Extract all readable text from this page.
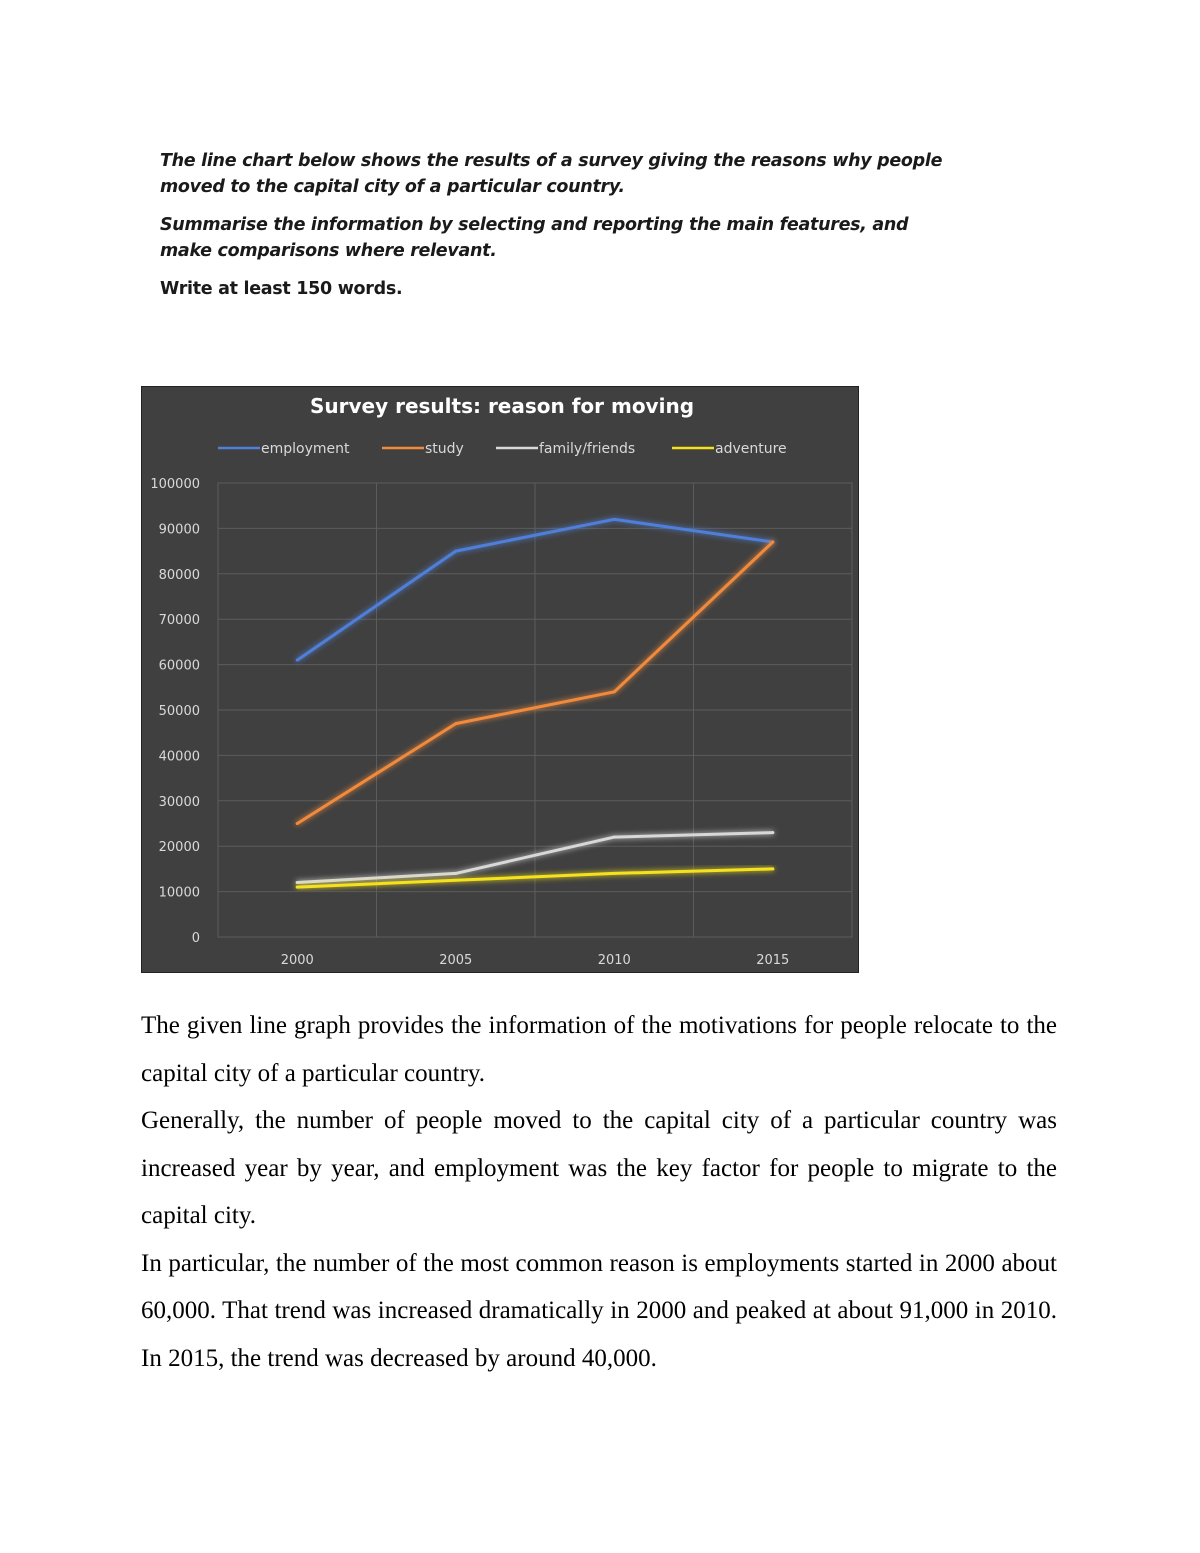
The line chart below shows the results of a survey giving the reasons why people moved to the capital city of a particular country.

Summarise the information by selecting and reporting the main features, and make comparisons where relevant.

Write at least 150 words.

Survey results: reason for moving
employment	study	family/friends	adventure
0
10000
20000
30000
40000
50000
60000
70000
80000
90000
100000
2000	2005	2010	2015

The given line graph provides the information of the motivations for people relocate to the capital city of a particular country.

Generally, the number of people moved to the capital city of a particular country was increased year by year, and employment was the key factor for people to migrate to the capital city.

In particular, the number of the most common reason is employments started in 2000 about 60,000. That trend was increased dramatically in 2000 and peaked at about 91,000 in 2010. In 2015, the trend was decreased by around 40,000.
